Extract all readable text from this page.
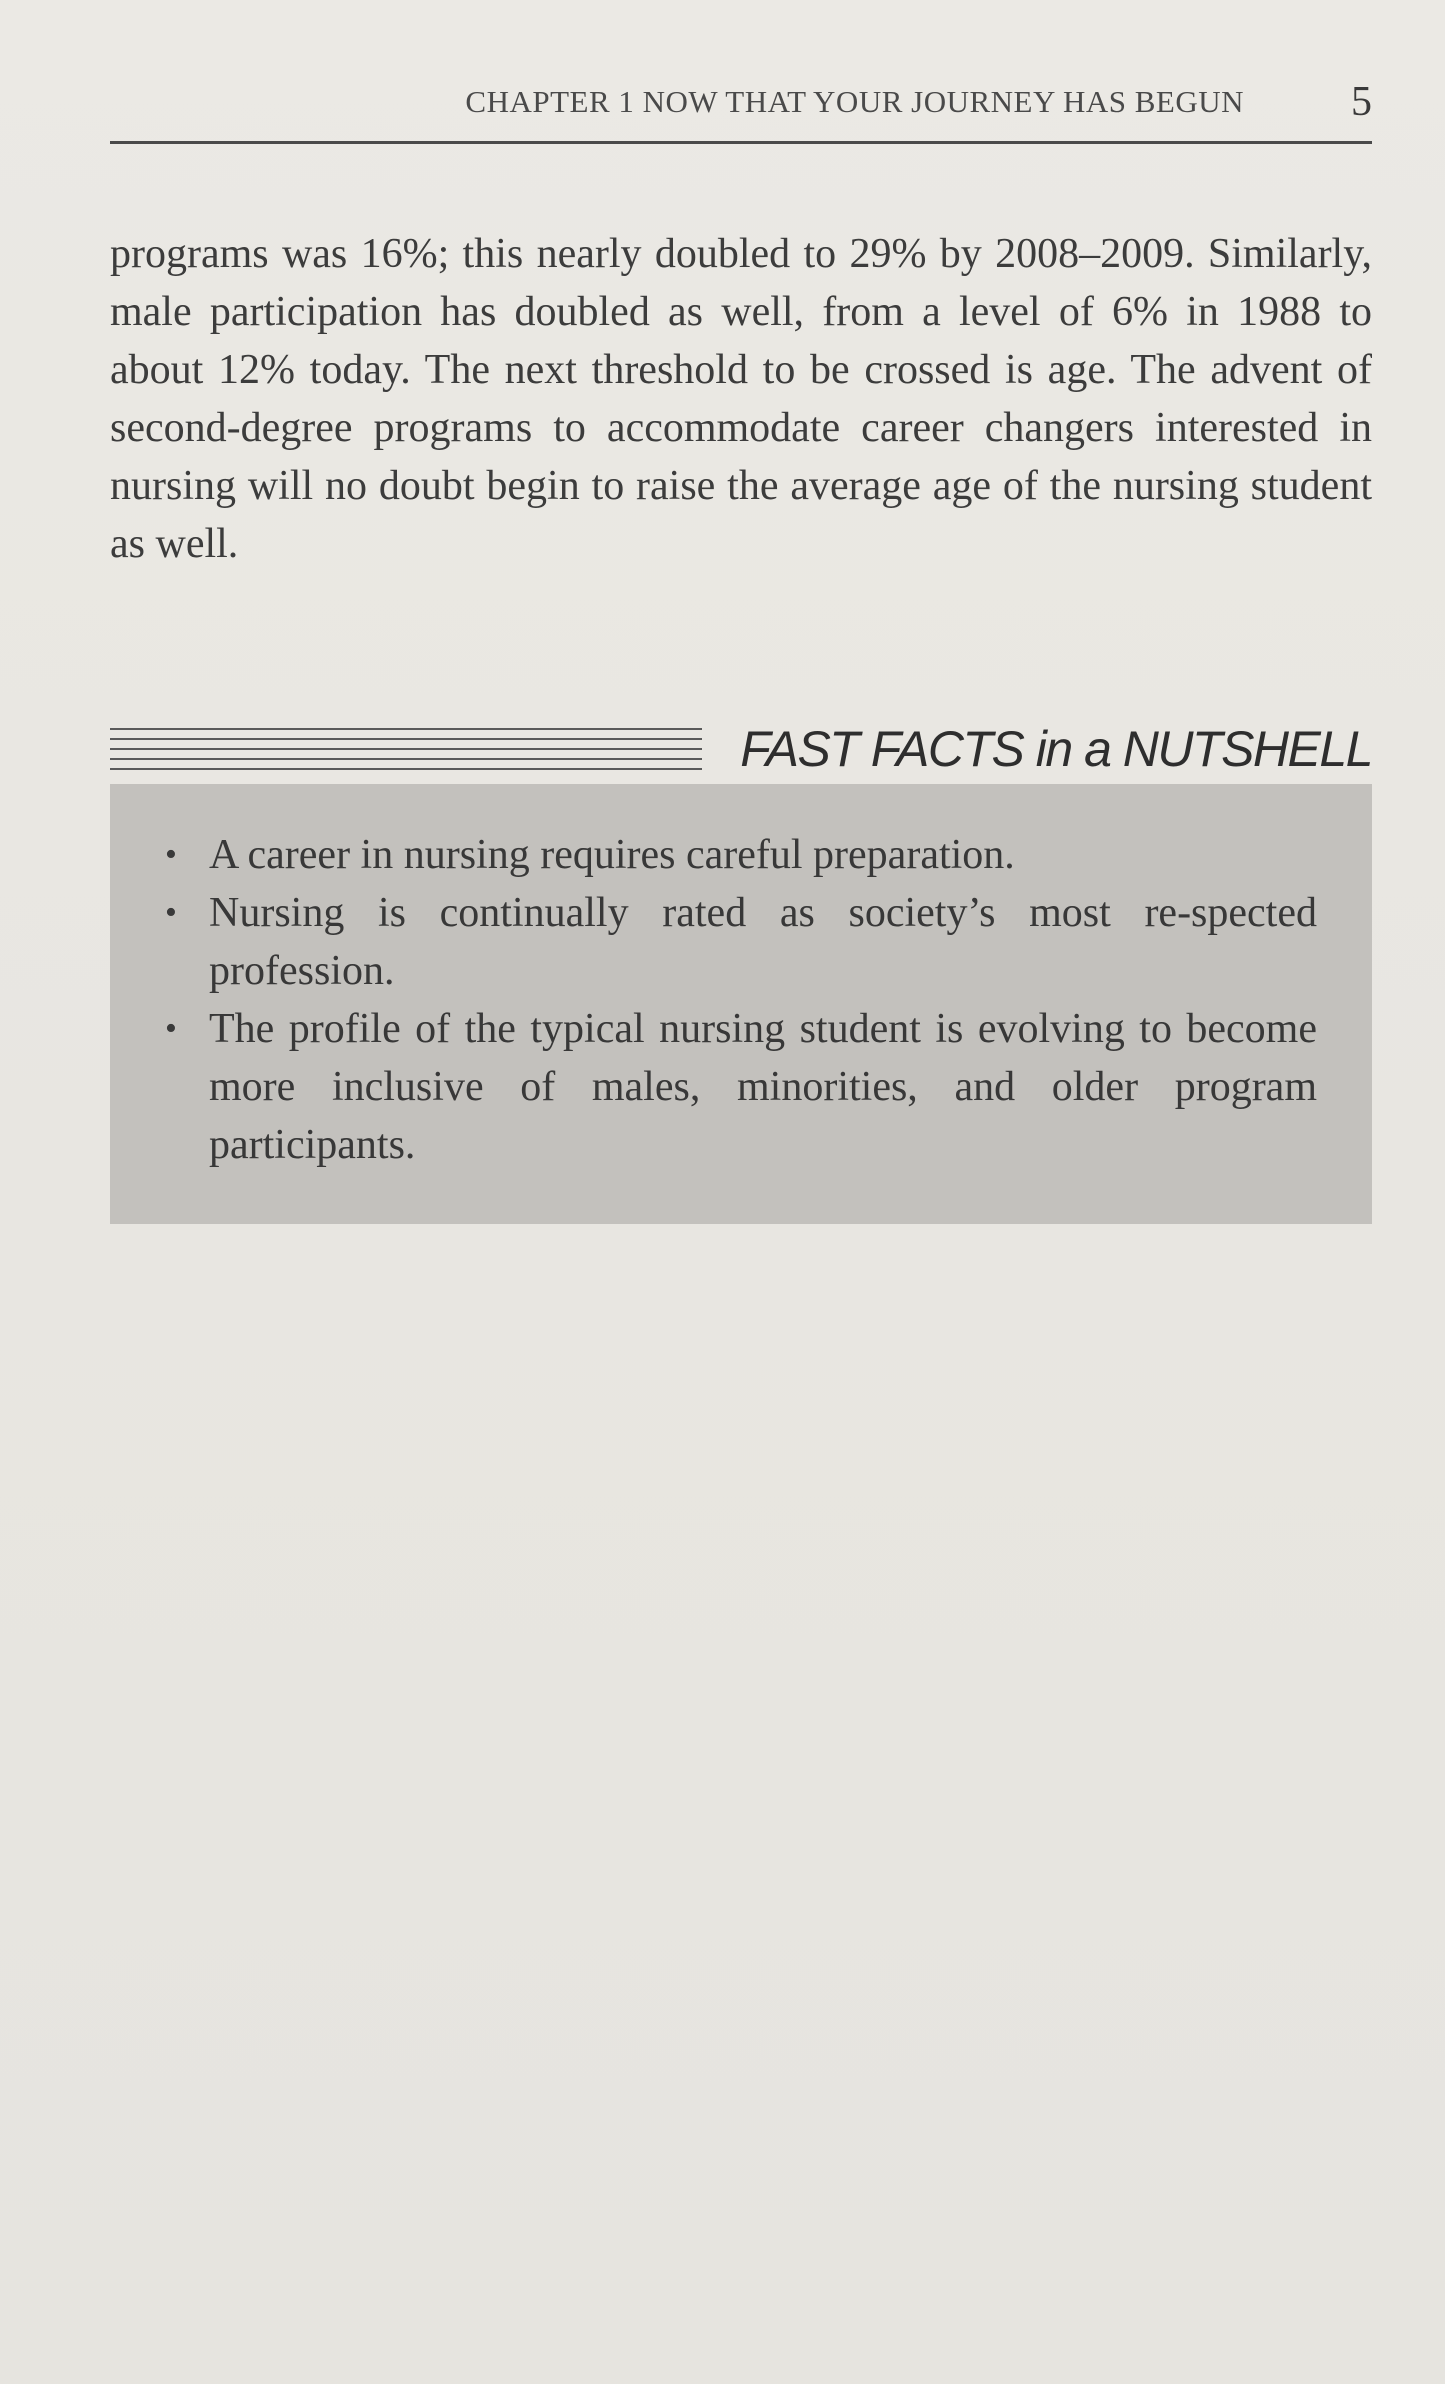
CHAPTER 1 NOW THAT YOUR JOURNEY HAS BEGUN	5

programs was 16%; this nearly doubled to 29% by 2008–2009. Similarly, male participation has doubled as well, from a level of 6% in 1988 to about 12% today. The next threshold to be crossed is age. The advent of second-degree programs to accommodate career changers interested in nursing will no doubt begin to raise the average age of the nursing student as well.

FAST FACTS in a NUTSHELL
• A career in nursing requires careful preparation.
• Nursing is continually rated as society’s most re-spected profession.
• The profile of the typical nursing student is evolving to become more inclusive of males, minorities, and older program participants.
